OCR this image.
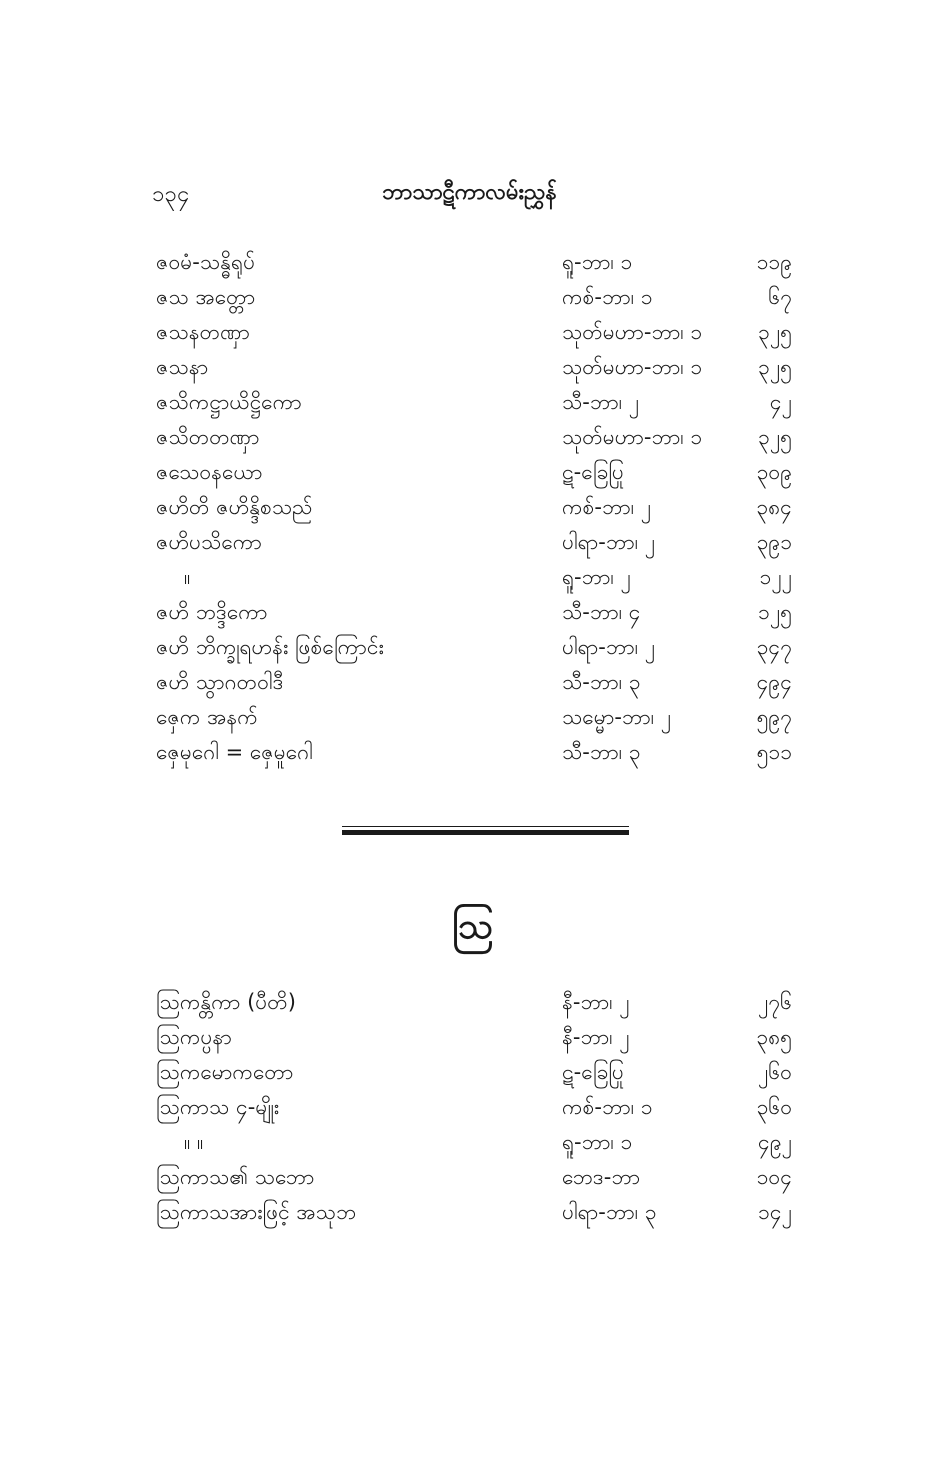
၁၃၄	ဘာသာဋီကာလမ်းညွှန်
ဇဝမံ-သန္ဓိရုပ်	ရူ-ဘာ၊ ၁	၁၁၉
ဇသ အတ္တော	ကစ်-ဘာ၊ ၁	၆၇
ဇသနတဏှာ	သုတ်မဟာ-ဘာ၊ ၁	၃၂၅
ဇသနာ	သုတ်မဟာ-ဘာ၊ ၁	၃၂၅
ဇသိကဋ္ဌာယိဋ္ဌိကော	သီ-ဘာ၊ ၂	၄၂
ဇသိတတဏှာ	သုတ်မဟာ-ဘာ၊ ၁	၃၂၅
ဇသေဝနယော	ဋ-ခြေပြု	၃၀၉
ဇဟိတိ ဇဟိန္ဒိစသည်	ကစ်-ဘာ၊ ၂	၃၈၄
ဇဟိပသိကော	ပါရာ-ဘာ၊ ၂	၃၉၁
။	ရူ-ဘာ၊ ၂	၁၂၂
ဇဟိ ဘဒ္ဒိကော	သီ-ဘာ၊ ၄	၁၂၅
ဇဟိ ဘိက္ခုရဟန်း ဖြစ်ကြောင်း	ပါရာ-ဘာ၊ ၂	၃၄၇
ဇဟိ သွာဂတဝါဒီ	သီ-ဘာ၊ ၃	၄၉၄
ဇှေက အနက်	သမ္မော-ဘာ၊ ၂	၅၉၇
ဇှေမုဂေါ = ဇှေမူဂေါ	သီ-ဘာ၊ ၃	၅၁၁
ဩ
ဩကန္တိကာ (ပီတိ)	နီ-ဘာ၊ ၂	၂၇၆
ဩကပ္ပနာ	နီ-ဘာ၊ ၂	၃၈၅
ဩကမောကတော	ဋ-ခြေပြု	၂၆၀
ဩကာသ ၄-မျိုး	ကစ်-ဘာ၊ ၁	၃၆၀
။ ။	ရူ-ဘာ၊ ၁	၄၉၂
ဩကာသ၏ သဘော	ဘေဒ-ဘာ	၁၀၄
ဩကာသအားဖြင့် အသုဘ	ပါရာ-ဘာ၊ ၃	၁၄၂
